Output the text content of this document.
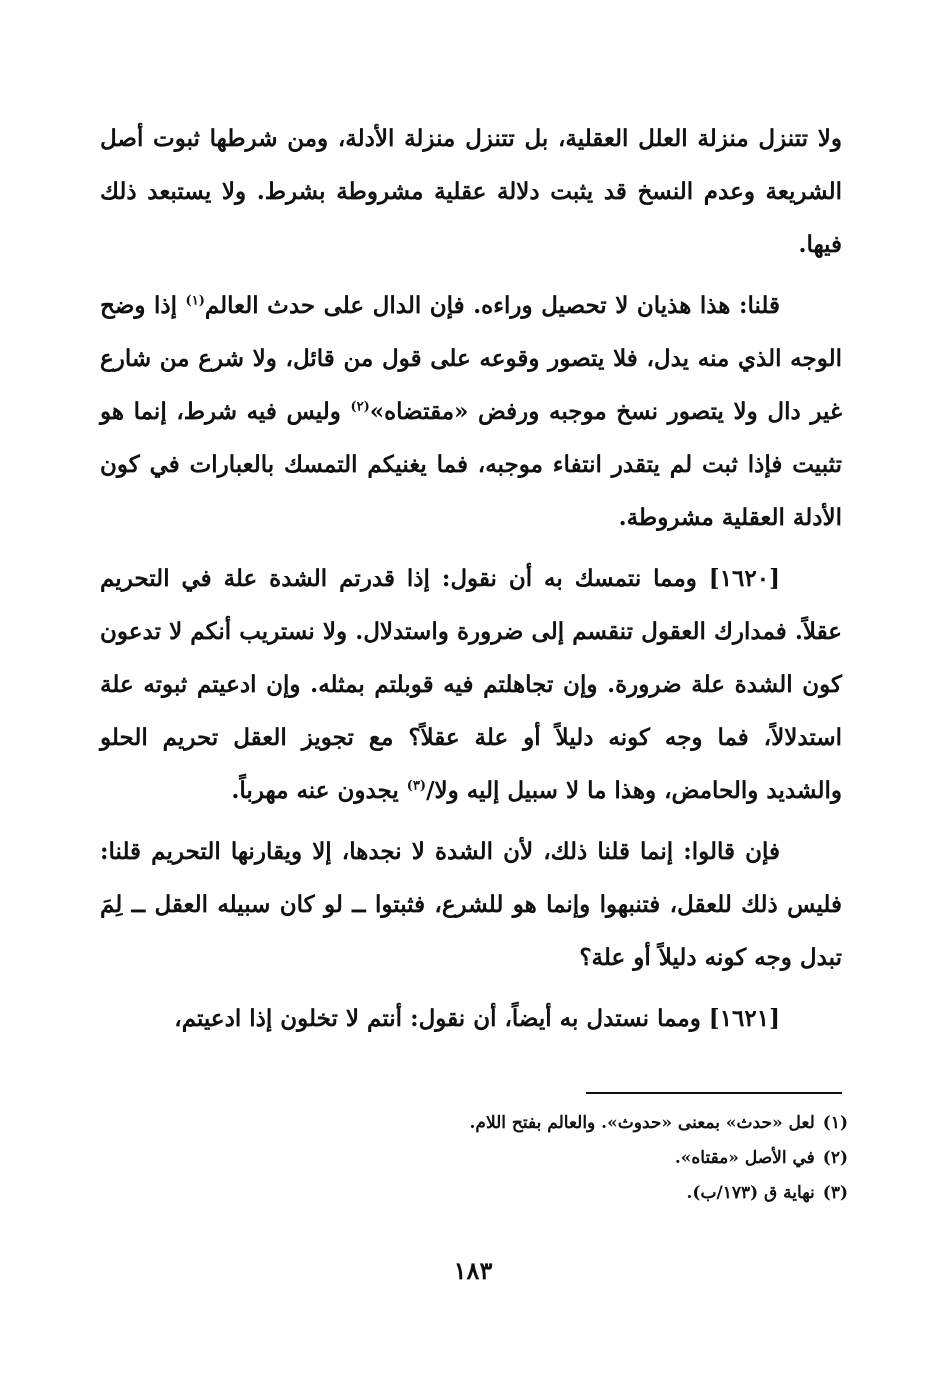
ولا تتنزل منزلة العلل العقلية، بل تتنزل منزلة الأدلة، ومن شرطها ثبوت أصل الشريعة وعدم النسخ قد يثبت دلالة عقلية مشروطة بشرط. ولا يستبعد ذلك فيها.

قلنا: هذا هذيان لا تحصيل وراءه. فإن الدال على حدث العالم$^{(١)}$ إذا وضح الوجه الذي منه يدل، فلا يتصور وقوعه على قول من قائل، ولا شرع من شارع غير دال ولا يتصور نسخ موجبه ورفض «مقتضاه»$^{(٢)}$ وليس فيه شرط، إنما هو تثبيت فإذا ثبت لم يتقدر انتفاء موجبه، فما يغنيكم التمسك بالعبارات في كون الأدلة العقلية مشروطة.

[١٦٢٠] ومما نتمسك به أن نقول: إذا قدرتم الشدة علة في التحريم عقلاً. فمدارك العقول تنقسم إلى ضرورة واستدلال. ولا نستريب أنكم لا تدعون كون الشدة علة ضرورة. وإن تجاهلتم فيه قوبلتم بمثله. وإن ادعيتم ثبوته علة استدلالاً، فما وجه كونه دليلاً أو علة عقلاً؟ مع تجويز العقل تحريم الحلو والشديد والحامض، وهذا ما لا سبيل إليه ولا/$^{(٣)}$ يجدون عنه مهرباً.

فإن قالوا: إنما قلنا ذلك، لأن الشدة لا نجدها، إلا ويقارنها التحريم قلنا: فليس ذلك للعقل، فتنبهوا وإنما هو للشرع، فثبتوا ــ لو كان سبيله العقل ــ لِمَ تبدل وجه كونه دليلاً أو علة؟

[١٦٢١] ومما نستدل به أيضاً، أن نقول: أنتم لا تخلون إذا ادعيتم،

(١)لعل «حدث» بمعنى «حدوث». والعالم بفتح اللام.

(٢)في الأصل «مقتاه».

(٣)نهاية ق (١٧٣/ب).

١٨٣
